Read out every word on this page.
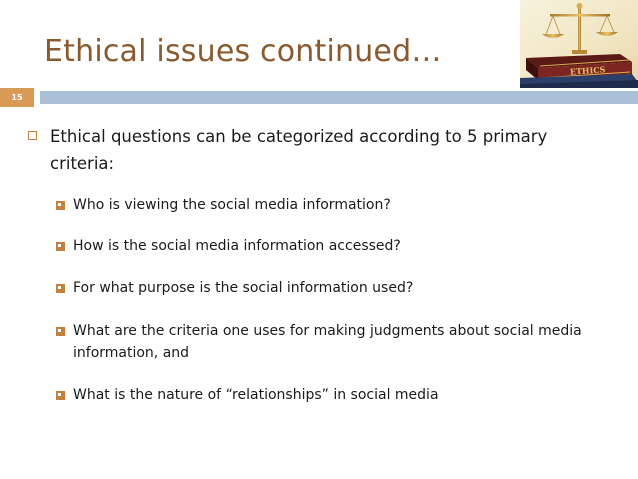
Ethical issues continued…
ETHICS
15
Ethical questions can be categorized according to 5 primary criteria:
Who is viewing the social media information?
How is the social media information accessed?
For what purpose is the social information used?
What are the criteria one uses for making judgments about social media information, and
What is the nature of “relationships” in social media
